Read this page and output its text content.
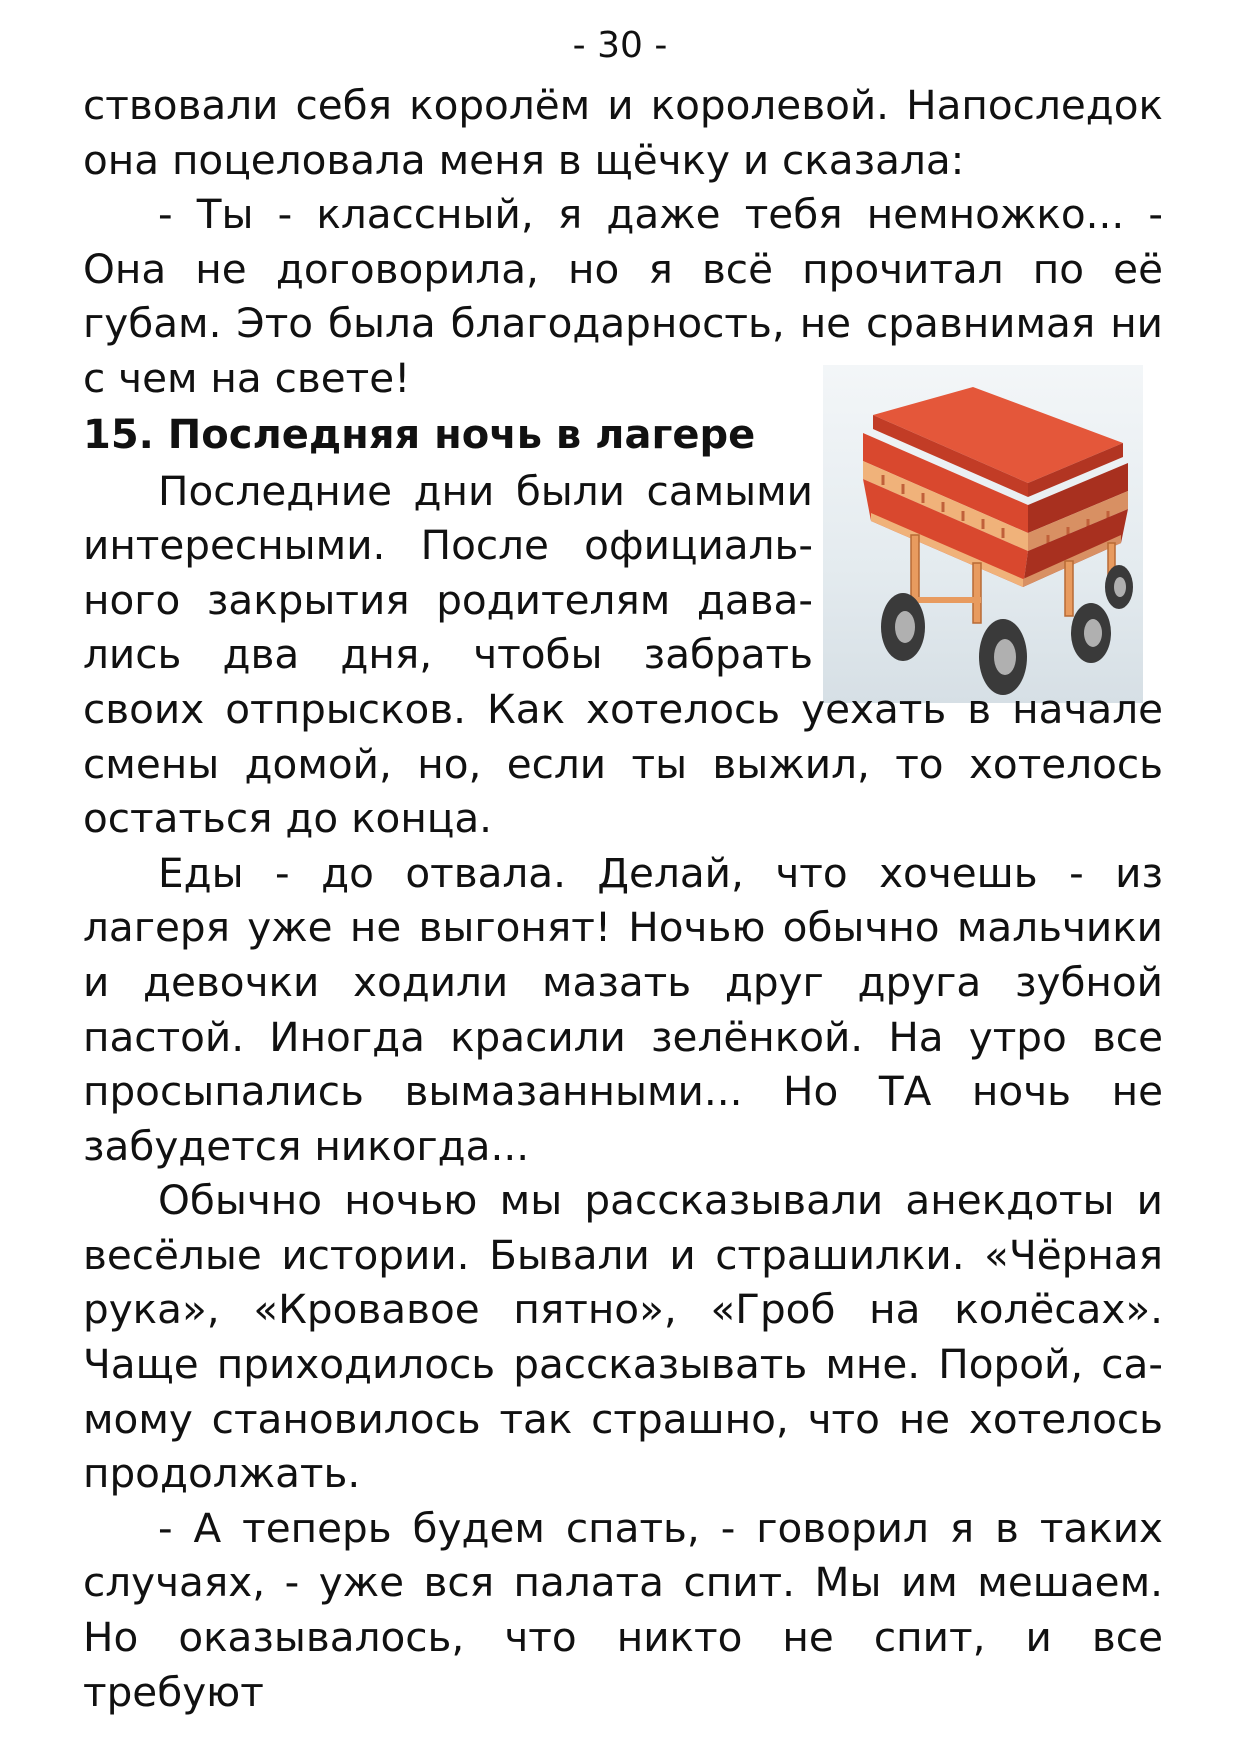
- 30 -

ствовали себя королём и королевой. Напоследок она поцеловала меня в щёчку и сказала:

- Ты - классный, я даже тебя немножко... - Она не договорила, но я всё прочитал по её губам. Это была благодарность, не сравнимая ни с чем на свете!

15. Последняя ночь в лагере

Последние дни были самыми интересными. После официального закрытия родителям давались два дня, чтобы забрать

своих отпрысков. Как хотелось уехать в начале смены домой, но, если ты выжил, то хотелось остаться до конца.

Еды - до отвала. Делай, что хочешь - из лагеря уже не выгонят! Ночью обычно мальчики и девочки ходили мазать друг друга зубной пастой. Иногда красили зелёнкой. На утро все просыпались вымазанными... Но ТА ночь не забудется никогда...

Обычно ночью мы рассказывали анекдоты и весёлые истории. Бывали и страшилки. «Чёрная рука», «Кровавое пятно», «Гроб на колёсах». Чаще приходилось рассказывать мне. Порой, самому становилось так страшно, что не хотелось продолжать.

- А теперь будем спать, - говорил я в таких случаях, - уже вся палата спит. Мы им мешаем. Но оказывалось, что никто не спит, и все требуют
